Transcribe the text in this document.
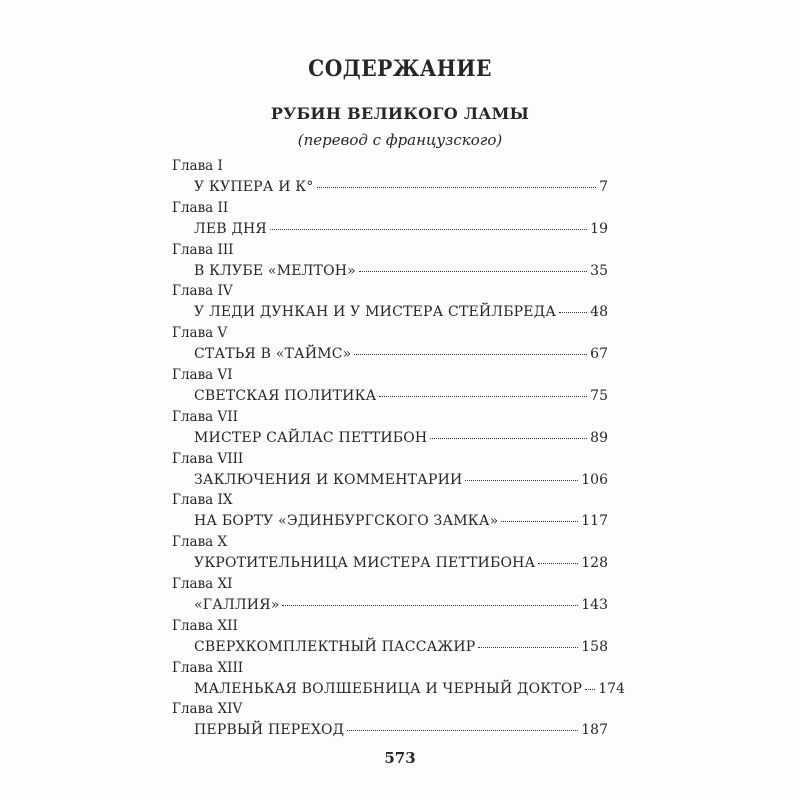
СОДЕРЖАНИЕ
РУБИН ВЕЛИКОГО ЛАМЫ
(перевод с французского)
Глава I
У КУПЕРА И К°	7
Глава II
ЛЕВ ДНЯ	19
Глава III
В КЛУБЕ «МЕЛТОН»	35
Глава IV
У ЛЕДИ ДУНКАН И У МИСТЕРА СТЕЙЛБРЕДА 48
Глава V
СТАТЬЯ В «ТАЙМС»	67
Глава VI
СВЕТСКАЯ ПОЛИТИКА	75
Глава VII
МИСТЕР САЙЛАС ПЕТТИБОН	89
Глава VIII
ЗАКЛЮЧЕНИЯ И КОММЕНТАРИИ	106
Глава IX
НА БОРТУ «ЭДИНБУРГСКОГО ЗАМКА»	117
Глава X
УКРОТИТЕЛЬНИЦА МИСТЕРА ПЕТТИБОНА	128
Глава XI
«ГАЛЛИЯ»	143
Глава XII
СВЕРХКОМПЛЕКТНЫЙ ПАССАЖИР	158
Глава XIII
МАЛЕНЬКАЯ ВОЛШЕБНИЦА И ЧЕРНЫЙ ДОКТОР 174
Глава XIV
ПЕРВЫЙ ПЕРЕХОД	187
573
